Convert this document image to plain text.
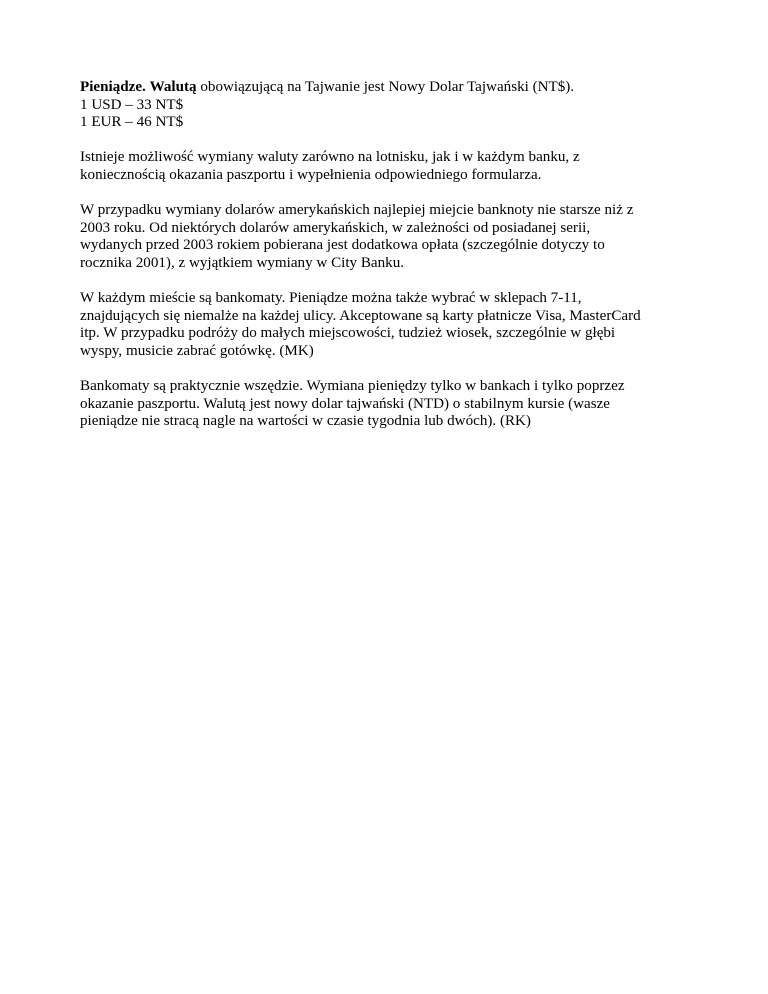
Pieniądze. Walutą obowiązującą na Tajwanie jest Nowy Dolar Tajwański (NT$).
1 USD – 33 NT$
1 EUR – 46 NT$
Istnieje możliwość wymiany waluty zarówno na lotnisku, jak i w każdym banku, z
koniecznością okazania paszportu i wypełnienia odpowiedniego formularza.
W przypadku wymiany dolarów amerykańskich najlepiej miejcie banknoty nie starsze niż z
2003 roku. Od niektórych dolarów amerykańskich, w zależności od posiadanej serii,
wydanych przed 2003 rokiem pobierana jest dodatkowa opłata (szczególnie dotyczy to
rocznika 2001), z wyjątkiem wymiany w City Banku.
W każdym mieście są bankomaty. Pieniądze można także wybrać w sklepach 7-11,
znajdujących się niemalże na każdej ulicy. Akceptowane są karty płatnicze Visa, MasterCard
itp. W przypadku podróży do małych miejscowości, tudzież wiosek, szczególnie w głębi
wyspy, musicie zabrać gotówkę. (MK)
Bankomaty są praktycznie wszędzie. Wymiana pieniędzy tylko w bankach i tylko poprzez
okazanie paszportu. Walutą jest nowy dolar tajwański (NTD) o stabilnym kursie (wasze
pieniądze nie stracą nagle na wartości w czasie tygodnia lub dwóch). (RK)
